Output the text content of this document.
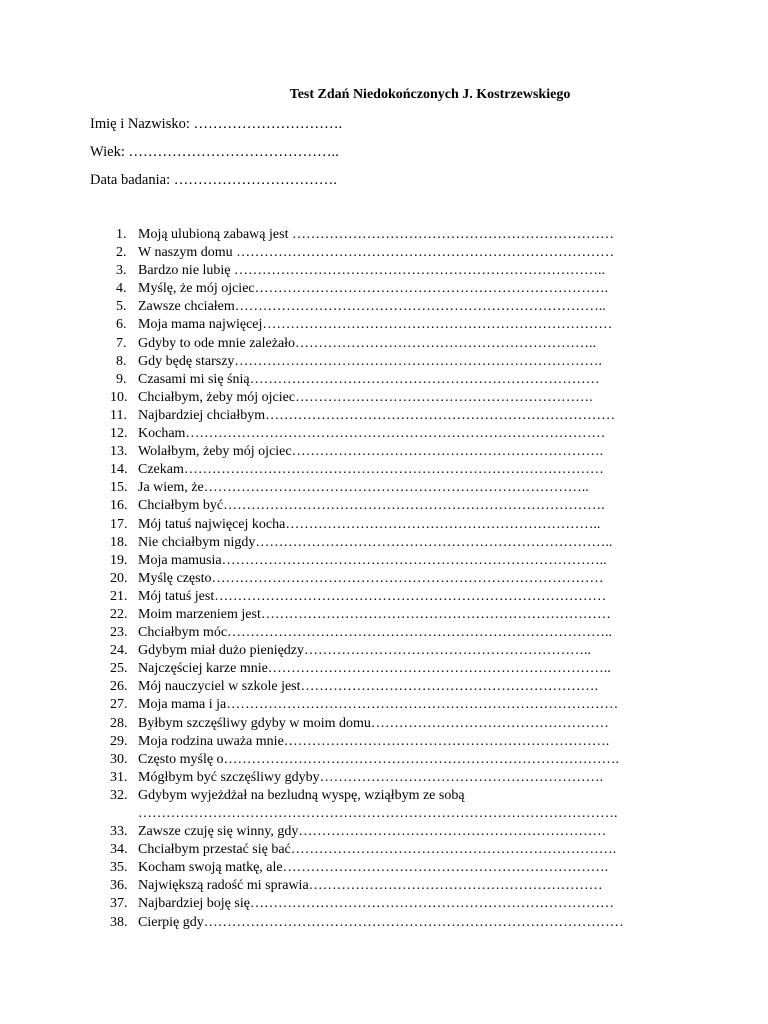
Test Zdań Niedokończonych J. Kostrzewskiego
Imię i Nazwisko: ………………………….
Wiek: ……………………………………..
Data badania: …………………………….
1. Moją ulubioną zabawą jest ……………………………………………………………
2. W naszym domu ………………………………………………………………………
3. Bardzo nie lubię ……………………………………………………………………..
4. Myślę, że mój ojciec………………………………………………………………….
5. Zawsze chciałem……………………………………………………………………..
6. Moja mama najwięcej…………………………………………………………………
7. Gdyby to ode mnie zależało………………………………………………………..
8. Gdy będę starszy…………………………………………………………………….
9. Czasami mi się śnią…………………………………………………………………
10. Chciałbym, żeby mój ojciec……………………………………………………….
11. Najbardziej chciałbym…………………………………………………………………
12. Kocham………………………………………………………………………………
13. Wolałbym, żeby mój ojciec………………………………………………………….
14. Czekam………………………………………………………………………………
15. Ja wiem, że………………………………………………………………………..
16. Chciałbym być……………………………………………………………………….
17. Mój tatuś najwięcej kocha…………………………………………………………..
18. Nie chciałbym nigdy…………………………………………………………………..
19. Moja mamusia………………………………………………………………………..
20. Myślę często…………………………………………………………………………
21. Mój tatuś jest…………………………………………………………………………
22. Moim marzeniem jest…………………………………………………………………
23. Chciałbym móc………………………………………………………………………..
24. Gdybym miał dużo pieniędzy……………………………………………………..
25. Najczęściej karze mnie………………………………………………………………..
26. Mój nauczyciel w szkole jest……………………………………………………….
27. Moja mama i ja…………………………………………………………………………
28. Byłbym szczęśliwy gdyby w moim domu……………………………………………
29. Moja rodzina uważa mnie…………………………………………………………….
30. Często myślę o………………………………………………………………………….
31. Mógłbym być szczęśliwy gdyby…………………………………………………….
32. Gdybym wyjeżdżał na bezludną wyspę, wziąłbym ze sobą
………………………………………………………………………………………….
33. Zawsze czuję się winny, gdy…………………………………………………………
34. Chciałbym przestać się bać…………………………………………………………….
35. Kocham swoją matkę, ale…………………………………………………………….
36. Największą radość mi sprawia………………………………………………………
37. Najbardziej boję się……………………………………………………………………
38. Cierpię gdy………………………………………………………………………………
